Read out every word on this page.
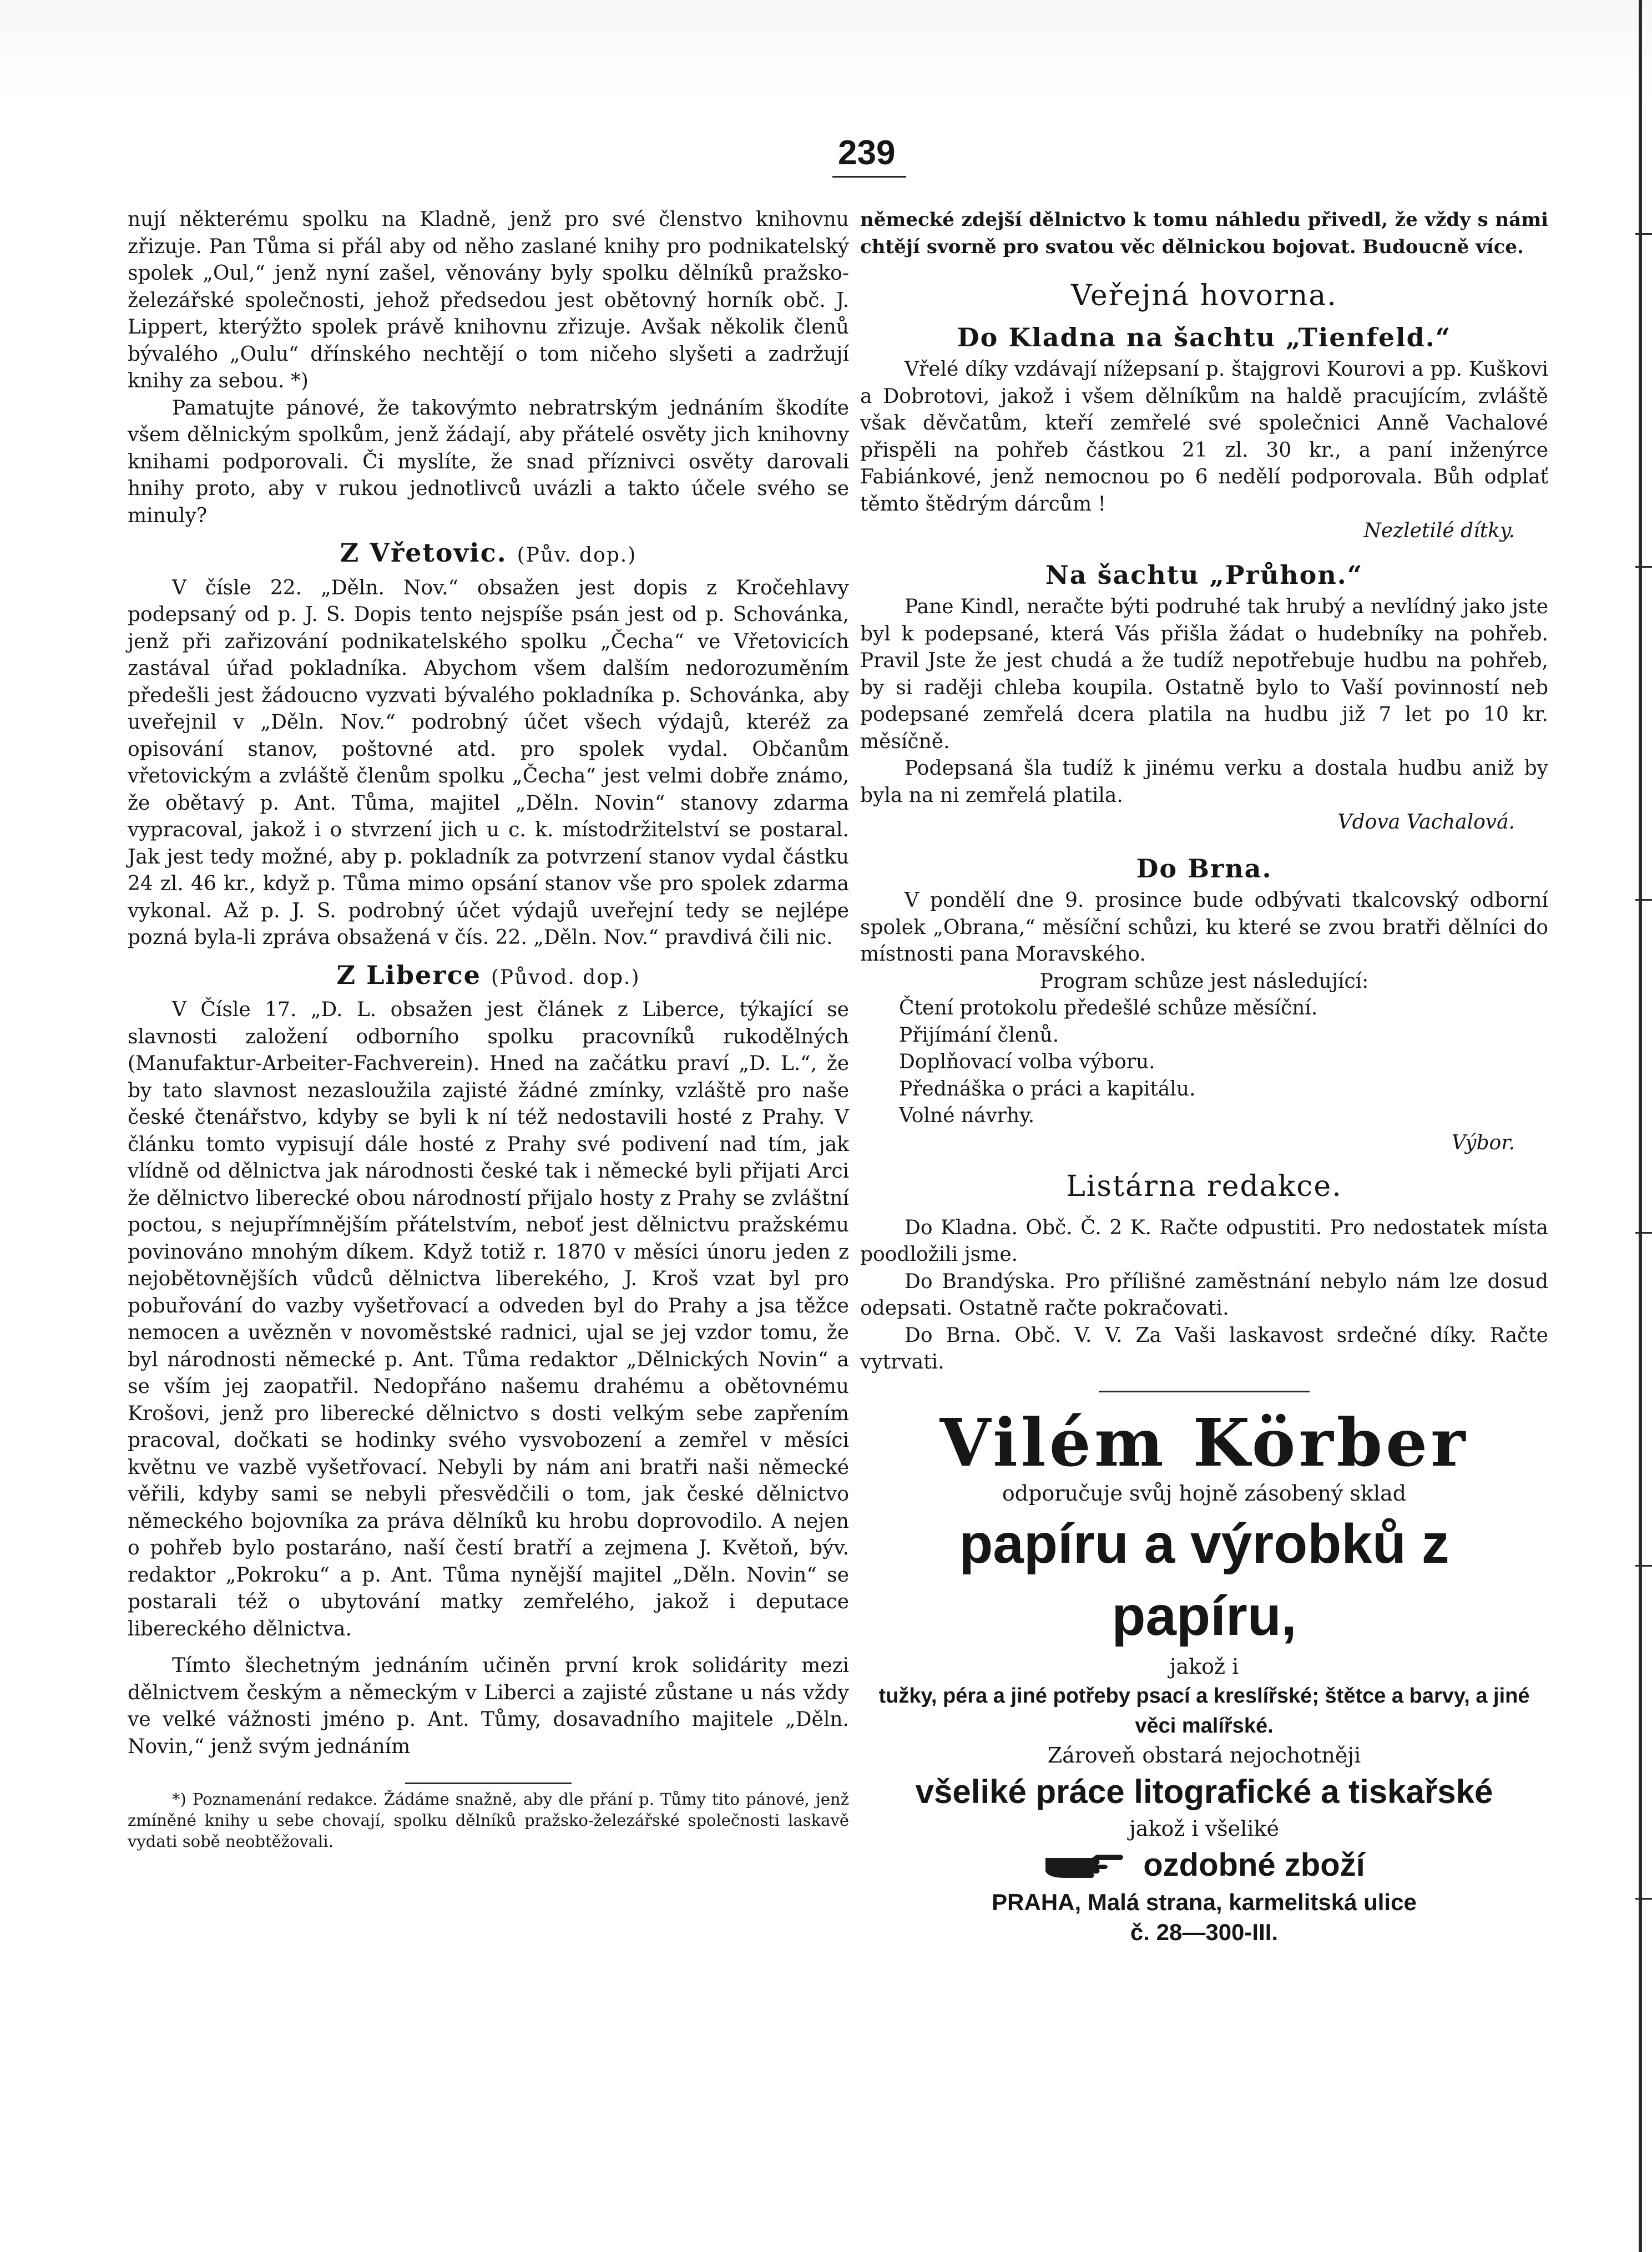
239

nují některému spolku na Kladně, jenž pro své členstvo knihovnu zřizuje. Pan Tůma si přál aby od něho zaslané knihy pro podnikatelský spolek „Oul,“ jenž nyní zašel, věnovány byly spolku dělníků pražsko-železářské společnosti, jehož předsedou jest obětovný horník obč. J. Lippert, kterýžto spolek právě knihovnu zřizuje. Avšak několik členů bývalého „Oulu“ dřínského nechtějí o tom ničeho slyšeti a zadržují knihy za sebou. *)

Pamatujte pánové, že takovýmto nebratrským jednáním škodíte všem dělnickým spolkům, jenž žádají, aby přátelé osvěty jich knihovny knihami podporovali. Či myslíte, že snad příznivci osvěty darovali hnihy proto, aby v rukou jednotlivců uvázli a takto účele svého se minuly?

Z Vřetovic. (Pův. dop.)

V čísle 22. „Děln. Nov.“ obsažen jest dopis z Kročehlavy podepsaný od p. J. S. Dopis tento nejspíše psán jest od p. Schovánka, jenž při zařizování podnikatelského spolku „Čecha“ ve Vřetovicích zastával úřad pokladníka. Abychom všem dalším nedorozuměním předešli jest žádoucno vyzvati bývalého pokladníka p. Schovánka, aby uveřejnil v „Děln. Nov.“ podrobný účet všech výdajů, kteréž za opisování stanov, poštovné atd. pro spolek vydal. Občanům vřetovickým a zvláště členům spolku „Čecha“ jest velmi dobře známo, že obětavý p. Ant. Tůma, majitel „Děln. Novin“ stanovy zdarma vypracoval, jakož i o stvrzení jich u c. k. místodržitelství se postaral. Jak jest tedy možné, aby p. pokladník za potvrzení stanov vydal částku 24 zl. 46 kr., když p. Tůma mimo opsání stanov vše pro spolek zdarma vykonal. Až p. J. S. podrobný účet výdajů uveřejní tedy se nejlépe pozná byla-li zpráva obsažená v čís. 22. „Děln. Nov.“ pravdivá čili nic.

Z Liberce (Původ. dop.)

V Čísle 17. „D. L. obsažen jest článek z Liberce, týkající se slavnosti založení odborního spolku pracovníků rukodělných (Manufaktur-Arbeiter-Fachverein). Hned na začátku praví „D. L.“, že by tato slavnost nezasloužila zajisté žádné zmínky, vzláště pro naše české čtenářstvo, kdyby se byli k ní též nedostavili hosté z Prahy. V článku tomto vypisují dále hosté z Prahy své podivení nad tím, jak vlídně od dělnictva jak národnosti české tak i německé byli přijati Arci že dělnictvo liberecké obou národností přijalo hosty z Prahy se zvláštní poctou, s nejupřímnějším přátelstvím, neboť jest dělnictvu pražskému povinováno mnohým díkem. Když totiž r. 1870 v měsíci únoru jeden z nejobětovnějších vůdců dělnictva liberekého, J. Kroš vzat byl pro pobuřování do vazby vyšetřovací a odveden byl do Prahy a jsa těžce nemocen a uvězněn v novoměstské radnici, ujal se jej vzdor tomu, že byl národnosti německé p. Ant. Tůma redaktor „Dělnických Novin“ a se vším jej zaopatřil. Nedopřáno našemu drahému a obětovnému Krošovi, jenž pro liberecké dělnictvo s dosti velkým sebe zapřením pracoval, dočkati se hodinky svého vysvobození a zemřel v měsíci květnu ve vazbě vyšetřovací. Nebyli by nám ani bratři naši německé věřili, kdyby sami se nebyli přesvědčili o tom, jak české dělnictvo německého bojovníka za práva dělníků ku hrobu doprovodilo. A nejen o pohřeb bylo postaráno, naší čestí bratří a zejmena J. Květoň, býv. redaktor „Pokroku“ a p. Ant. Tůma nynější majitel „Děln. Novin“ se postarali též o ubytování matky zemřelého, jakož i deputace libereckého dělnictva.

Tímto šlechetným jednáním učiněn první krok solidárity mezi dělnictvem českým a německým v Liberci a zajisté zůstane u nás vždy ve velké vážnosti jméno p. Ant. Tůmy, dosavadního majitele „Děln. Novin,“ jenž svým jednáním

*) Poznamenání redakce. Žádáme snažně, aby dle přání p. Tůmy tito pánové, jenž zmíněné knihy u sebe chovají, spolku dělníků pražsko-železářské společnosti laskavě vydati sobě neobtěžovali.

německé zdejší dělnictvo k tomu náhledu přivedl, že vždy s námi chtějí svorně pro svatou věc dělnickou bojovat. Budoucně více.

Veřejná hovorna.

Do Kladna na šachtu „Tienfeld.“

Vřelé díky vzdávají nížepsaní p. štajgrovi Kourovi a pp. Kuškovi a Dobrotovi, jakož i všem dělníkům na haldě pracujícím, zvláště však děvčatům, kteří zemřelé své společnici Anně Vachalové přispěli na pohřeb částkou 21 zl. 30 kr., a paní inženýrce Fabiánkové, jenž nemocnou po 6 nedělí podporovala. Bůh odplať těmto štědrým dárcům !

Nezletilé dítky.

Na šachtu „Průhon.“

Pane Kindl, neračte býti podruhé tak hrubý a nevlídný jako jste byl k podepsané, která Vás přišla žádat o hudebníky na pohřeb. Pravil Jste že jest chudá a že tudíž nepotřebuje hudbu na pohřeb, by si raději chleba koupila. Ostatně bylo to Vaší povinností neb podepsané zemřelá dcera platila na hudbu již 7 let po 10 kr. měsíčně.

Podepsaná šla tudíž k jinému verku a dostala hudbu aniž by byla na ni zemřelá platila.

Vdova Vachalová.

Do Brna.

V pondělí dne 9. prosince bude odbývati tkalcovský odborní spolek „Obrana,“ měsíční schůzi, ku které se zvou bratři dělníci do místnosti pana Moravského.

Program schůze jest následující:

Čtení protokolu předešlé schůze měsíční.

Přijímání členů.

Doplňovací volba výboru.

Přednáška o práci a kapitálu.

Volné návrhy.

Výbor.

Listárna redakce.

Do Kladna. Obč. Č. 2 K. Račte odpustiti. Pro nedostatek místa poodložili jsme.

Do Brandýska. Pro přílišné zaměstnání nebylo nám lze dosud odepsati. Ostatně račte pokračovati.

Do Brna. Obč. V. V. Za Vaši laskavost srdečné díky. Račte vytrvati.

Vilém Körber
odporučuje svůj hojně zásobený sklad
papíru a výrobků z papíru,
jakož i
tužky, péra a jiné potřeby psací a kreslířské; štětce a barvy, a jiné věci malířské.
Zároveň obstará nejochotněji
všeliké práce litografické a tiskařské
jakož i všeliké
ozdobné zboží
PRAHA, Malá strana, karmelitská ulice
č. 28—300-III.
